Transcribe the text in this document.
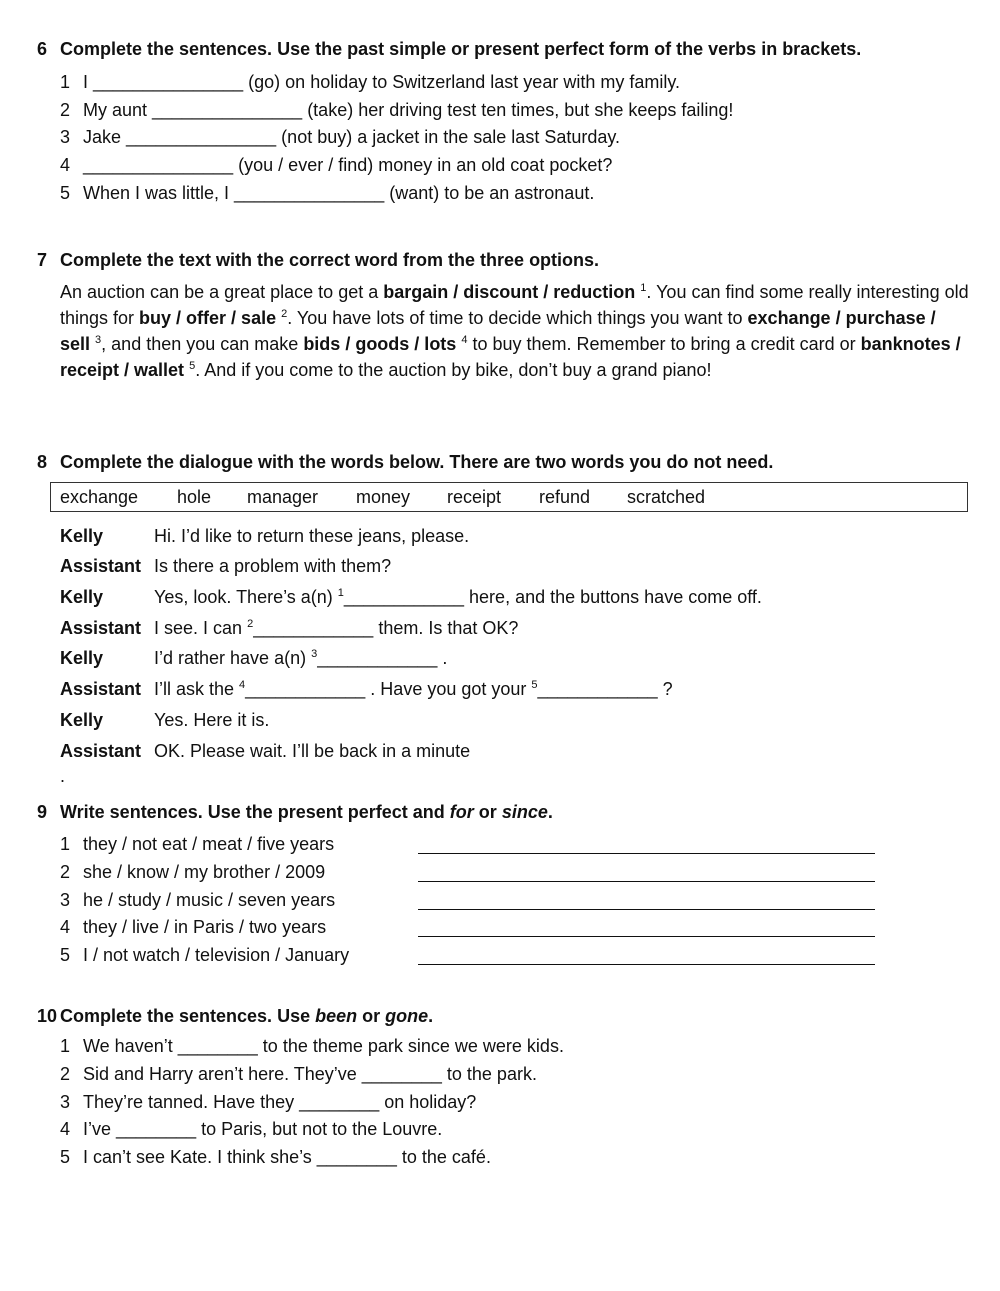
6 Complete the sentences. Use the past simple or present perfect form of the verbs in brackets.
1 I _______________ (go) on holiday to Switzerland last year with my family.
2 My aunt _______________ (take) her driving test ten times, but she keeps failing!
3 Jake _______________ (not buy) a jacket in the sale last Saturday.
4 _______________ (you / ever / find) money in an old coat pocket?
5 When I was little, I _______________ (want) to be an astronaut.
7 Complete the text with the correct word from the three options.
An auction can be a great place to get a bargain / discount / reduction $^1$. You can find some really interesting old things for buy / offer / sale $^2$. You have lots of time to decide which things you want to exchange / purchase / sell $^3$, and then you can make bids / goods / lots $^4$ to buy them. Remember to bring a credit card or banknotes / receipt / wallet $^5$. And if you come to the auction by bike, don’t buy a grand piano!
8 Complete the dialogue with the words below. There are two words you do not need.
exchange hole manager money receipt refund scratched
Kelly	Hi. I’d like to return these jeans, please.
Assistant Is there a problem with them?
Kelly	Yes, look. There’s a(n) $^1$____________ here, and the buttons have come off.
Assistant I see. I can $^2$____________ them. Is that OK?
Kelly	I’d rather have a(n) $^3$____________ .
Assistant I’ll ask the $^4$____________ . Have you got your $^5$____________ ?
Kelly	Yes. Here it is.
Assistant OK. Please wait. I’ll be back in a minute
.
9 Write sentences. Use the present perfect and for or since.
1 they / not eat / meat / five years
2 she / know / my brother / 2009
3 he / study / music / seven years
4 they / live / in Paris / two years
5 I / not watch / television / January
10 Complete the sentences. Use been or gone.
1 We haven’t ________ to the theme park since we were kids.
2 Sid and Harry aren’t here. They’ve ________ to the park.
3 They’re tanned. Have they ________ on holiday?
4 I’ve ________ to Paris, but not to the Louvre.
5 I can’t see Kate. I think she’s ________ to the café.
